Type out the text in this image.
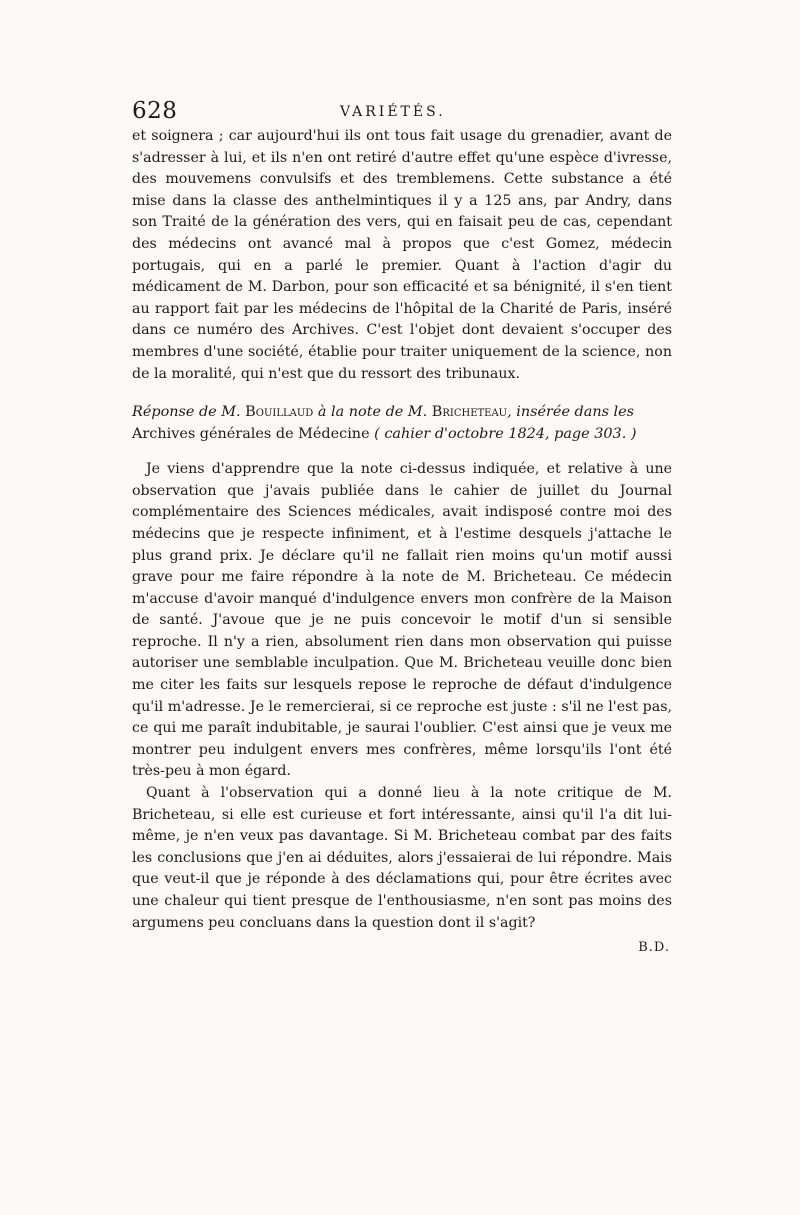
628	VARIÉTÉS.

et soignera ; car aujourd'hui ils ont tous fait usage du grenadier, avant de s'adresser à lui, et ils n'en ont retiré d'autre effet qu'une espèce d'ivresse, des mouvemens convulsifs et des tremblemens. Cette substance a été mise dans la classe des anthelmintiques il y a 125 ans, par Andry, dans son Traité de la génération des vers, qui en faisait peu de cas, cependant des médecins ont avancé mal à propos que c'est Gomez, médecin portugais, qui en a parlé le premier. Quant à l'action d'agir du médicament de M. Darbon, pour son efficacité et sa bénignité, il s'en tient au rapport fait par les médecins de l'hôpital de la Charité de Paris, inséré dans ce numéro des Archives. C'est l'objet dont devaient s'occuper des membres d'une société, établie pour traiter uniquement de la science, non de la moralité, qui n'est que du ressort des tribunaux.

Réponse de M. Bouillaud à la note de M. Bricheteau, insérée dans les Archives générales de Médecine ( cahier d'octobre 1824, page 303. )

Je viens d'apprendre que la note ci-dessus indiquée, et relative à une observation que j'avais publiée dans le cahier de juillet du Journal complémentaire des Sciences médicales, avait indisposé contre moi des médecins que je respecte infiniment, et à l'estime desquels j'attache le plus grand prix. Je déclare qu'il ne fallait rien moins qu'un motif aussi grave pour me faire répondre à la note de M. Bricheteau. Ce médecin m'accuse d'avoir manqué d'indulgence envers mon confrère de la Maison de santé. J'avoue que je ne puis concevoir le motif d'un si sensible reproche. Il n'y a rien, absolument rien dans mon observation qui puisse autoriser une semblable inculpation. Que M. Bricheteau veuille donc bien me citer les faits sur lesquels repose le reproche de défaut d'indulgence qu'il m'adresse. Je le remercierai, si ce reproche est juste : s'il ne l'est pas, ce qui me paraît indubitable, je saurai l'oublier. C'est ainsi que je veux me montrer peu indulgent envers mes confrères, même lorsqu'ils l'ont été très-peu à mon égard.

Quant à l'observation qui a donné lieu à la note critique de M. Bricheteau, si elle est curieuse et fort intéressante, ainsi qu'il l'a dit lui-même, je n'en veux pas davantage. Si M. Bricheteau combat par des faits les conclusions que j'en ai déduites, alors j'essaierai de lui répondre. Mais que veut-il que je réponde à des déclamations qui, pour être écrites avec une chaleur qui tient presque de l'enthousiasme, n'en sont pas moins des argumens peu concluans dans la question dont il s'agit?

B.D.
